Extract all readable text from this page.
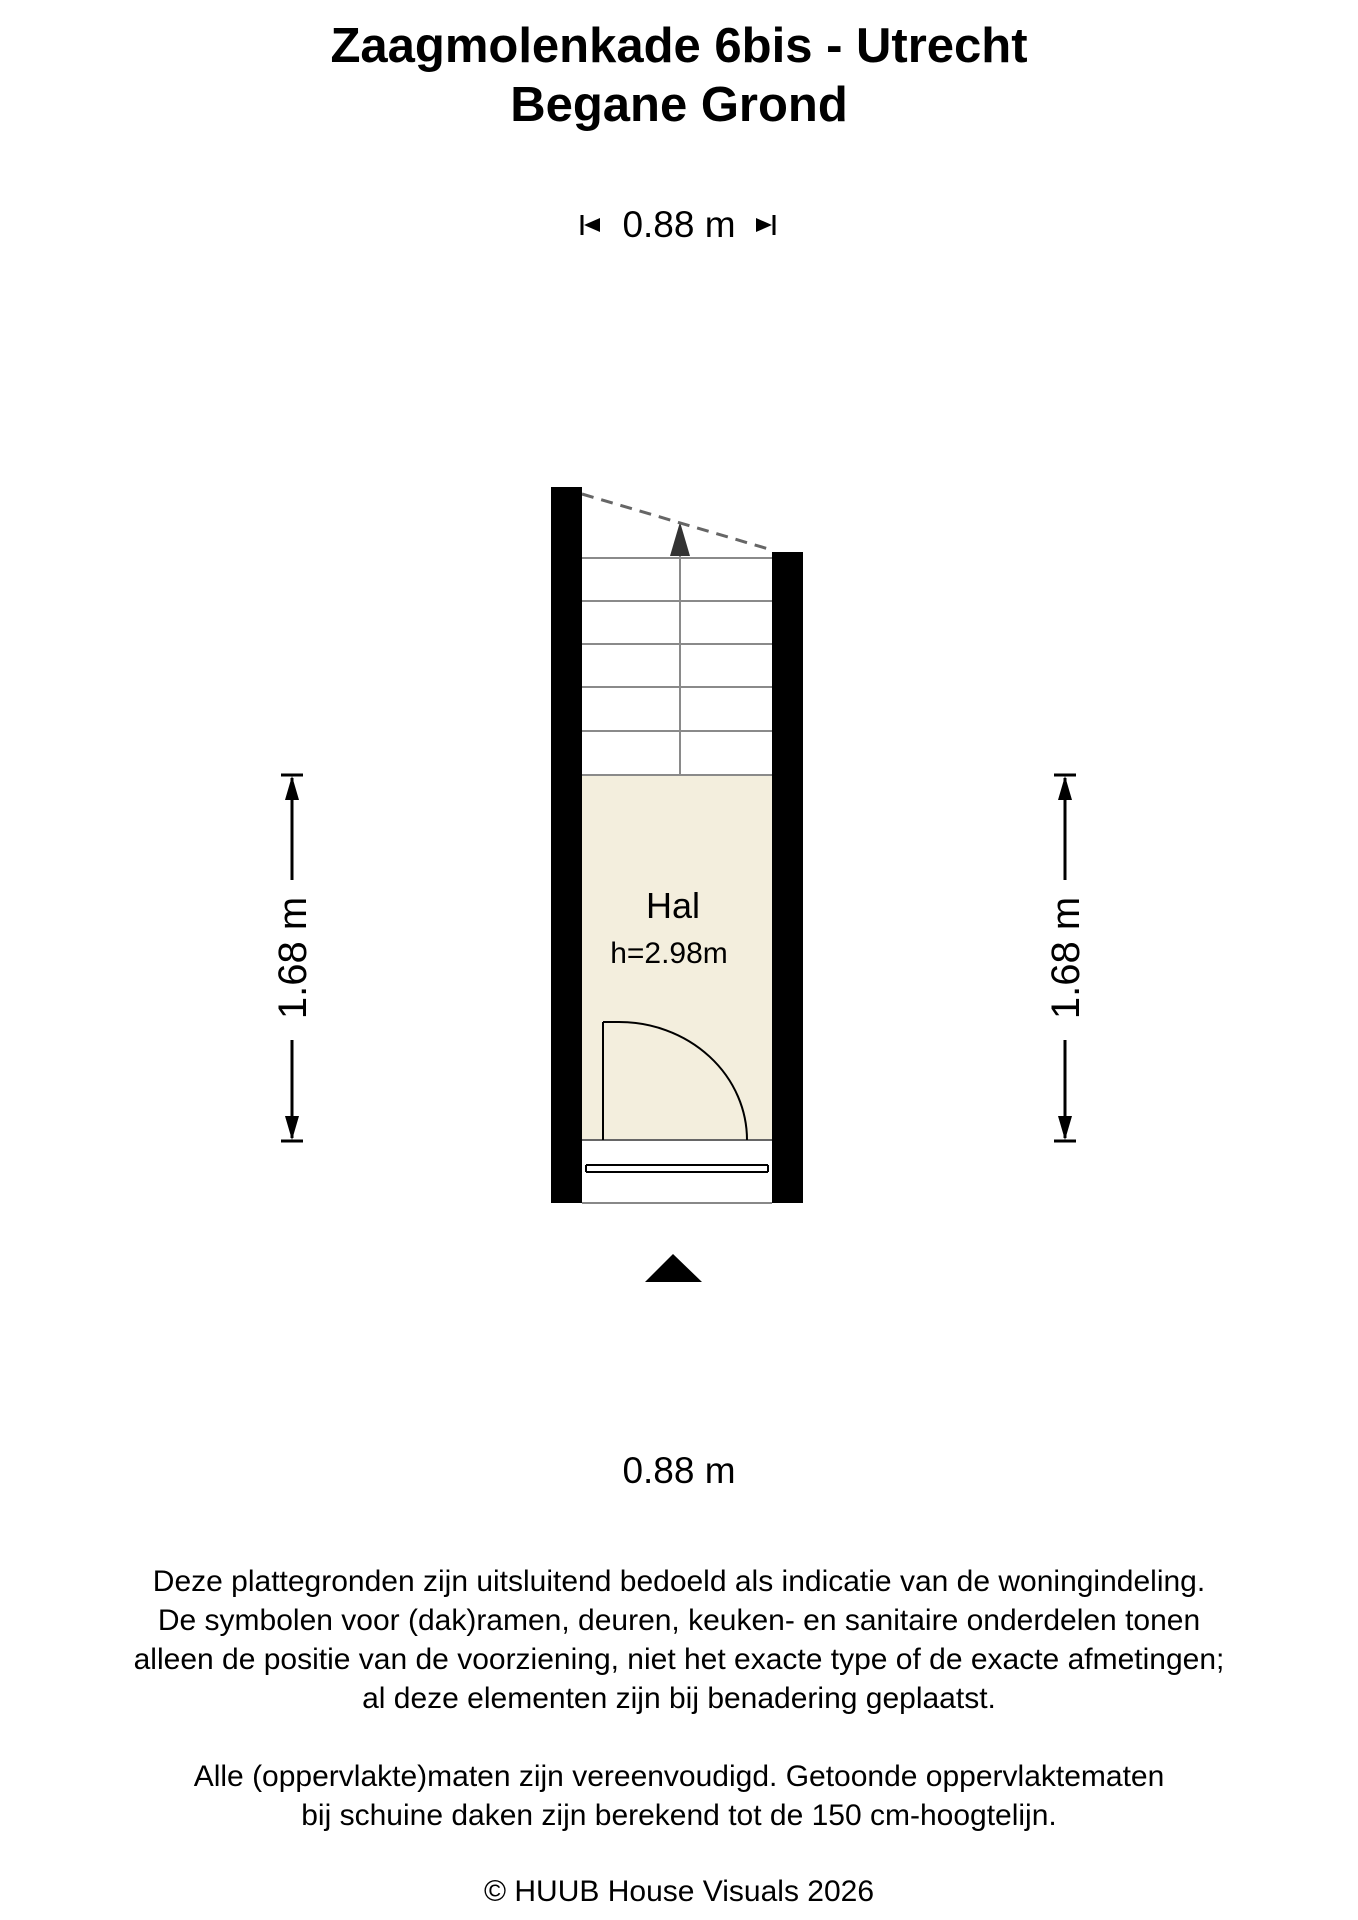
Zaagmolenkade 6bis - Utrecht
Begane Grond
0.88 m
1.68 m	1.68 m
Hal
h=2.98m
0.88 m
Deze plattegronden zijn uitsluitend bedoeld als indicatie van de woningindeling.
De symbolen voor (dak)ramen, deuren, keuken- en sanitaire onderdelen tonen
alleen de positie van de voorziening, niet het exacte type of de exacte afmetingen;
al deze elementen zijn bij benadering geplaatst.
Alle (oppervlakte)maten zijn vereenvoudigd. Getoonde oppervlaktematen
bij schuine daken zijn berekend tot de 150 cm-hoogtelijn.
© HUUB House Visuals 2026
